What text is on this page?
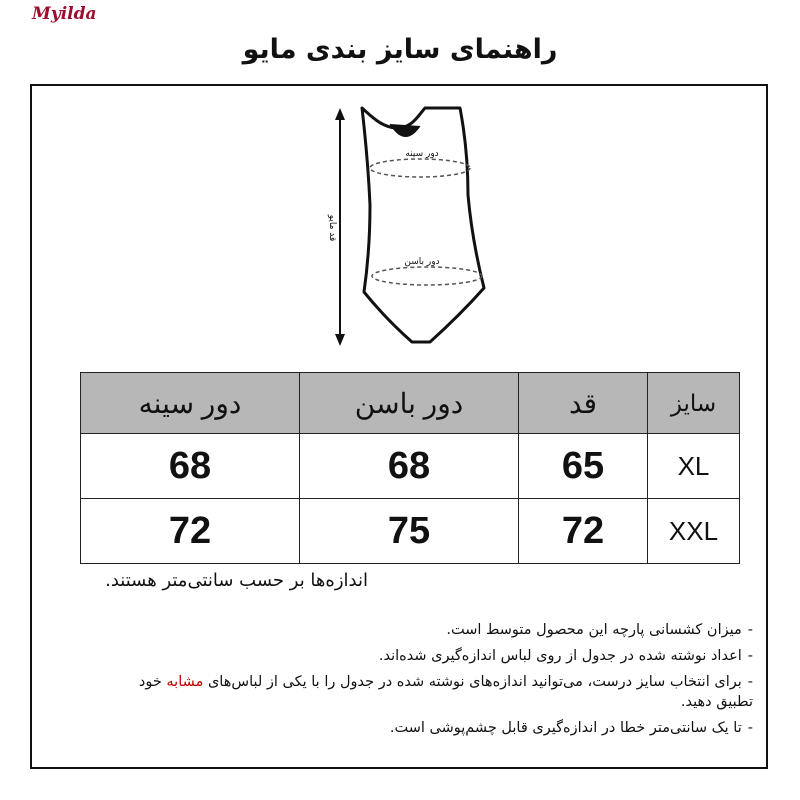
Myilda
راهنمای سایز بندی مایو
دور سینه
دور باسن
قد مایو
سایز	قد	دور باسن	دور سینه
XL	65	68	68
XXL	72	75	72
اندازه‌ها بر حسب سانتی‌متر هستند.
-میزان کشسانی پارچه این محصول متوسط است.
-اعداد نوشته شده در جدول از روی لباس اندازه‌گیری شده‌اند.
-برای انتخاب سایز درست، می‌توانید اندازه‌های نوشته شده در جدول را با یکی از لباس‌های مشابه خود تطبیق دهید.
-تا یک سانتی‌متر خطا در اندازه‌گیری قابل چشم‌پوشی است.
